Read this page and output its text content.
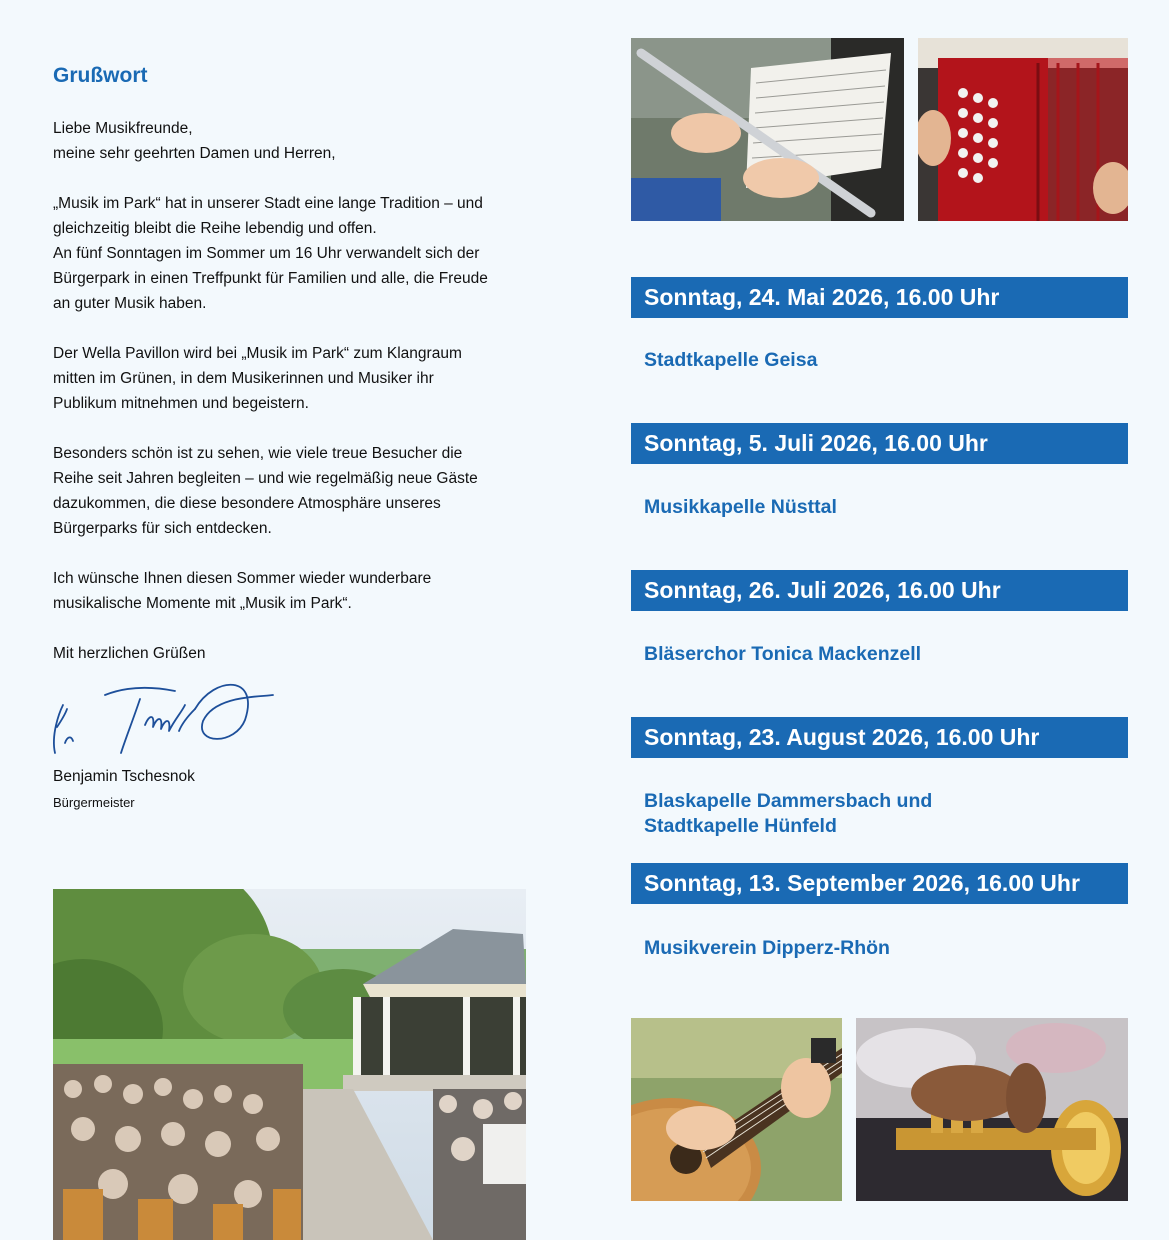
Grußwort
Liebe Musikfreunde,
meine sehr geehrten Damen und Herren,
„Musik im Park“ hat in unserer Stadt eine lange Tradition – und
gleichzeitig bleibt die Reihe lebendig und offen.
An fünf Sonntagen im Sommer um 16 Uhr verwandelt sich der
Bürgerpark in einen Treffpunkt für Familien und alle, die Freude
an guter Musik haben.
Der Wella Pavillon wird bei „Musik im Park“ zum Klangraum
mitten im Grünen, in dem Musikerinnen und Musiker ihr
Publikum mitnehmen und begeistern.
Besonders schön ist zu sehen, wie viele treue Besucher die
Reihe seit Jahren begleiten – und wie regelmäßig neue Gäste
dazukommen, die diese besondere Atmosphäre unseres
Bürgerparks für sich entdecken.
Ich wünsche Ihnen diesen Sommer wieder wunderbare
musikalische Momente mit „Musik im Park“.
Mit herzlichen Grüßen
Benjamin Tschesnok
Bürgermeister
Sonntag, 24. Mai 2026, 16.00 Uhr
Stadtkapelle Geisa
Sonntag, 5. Juli 2026, 16.00 Uhr
Musikkapelle Nüsttal
Sonntag, 26. Juli 2026, 16.00 Uhr
Bläserchor Tonica Mackenzell
Sonntag, 23. August 2026, 16.00 Uhr
Blaskapelle Dammersbach und
Stadtkapelle Hünfeld
Sonntag, 13. September 2026, 16.00 Uhr
Musikverein Dipperz-Rhön
